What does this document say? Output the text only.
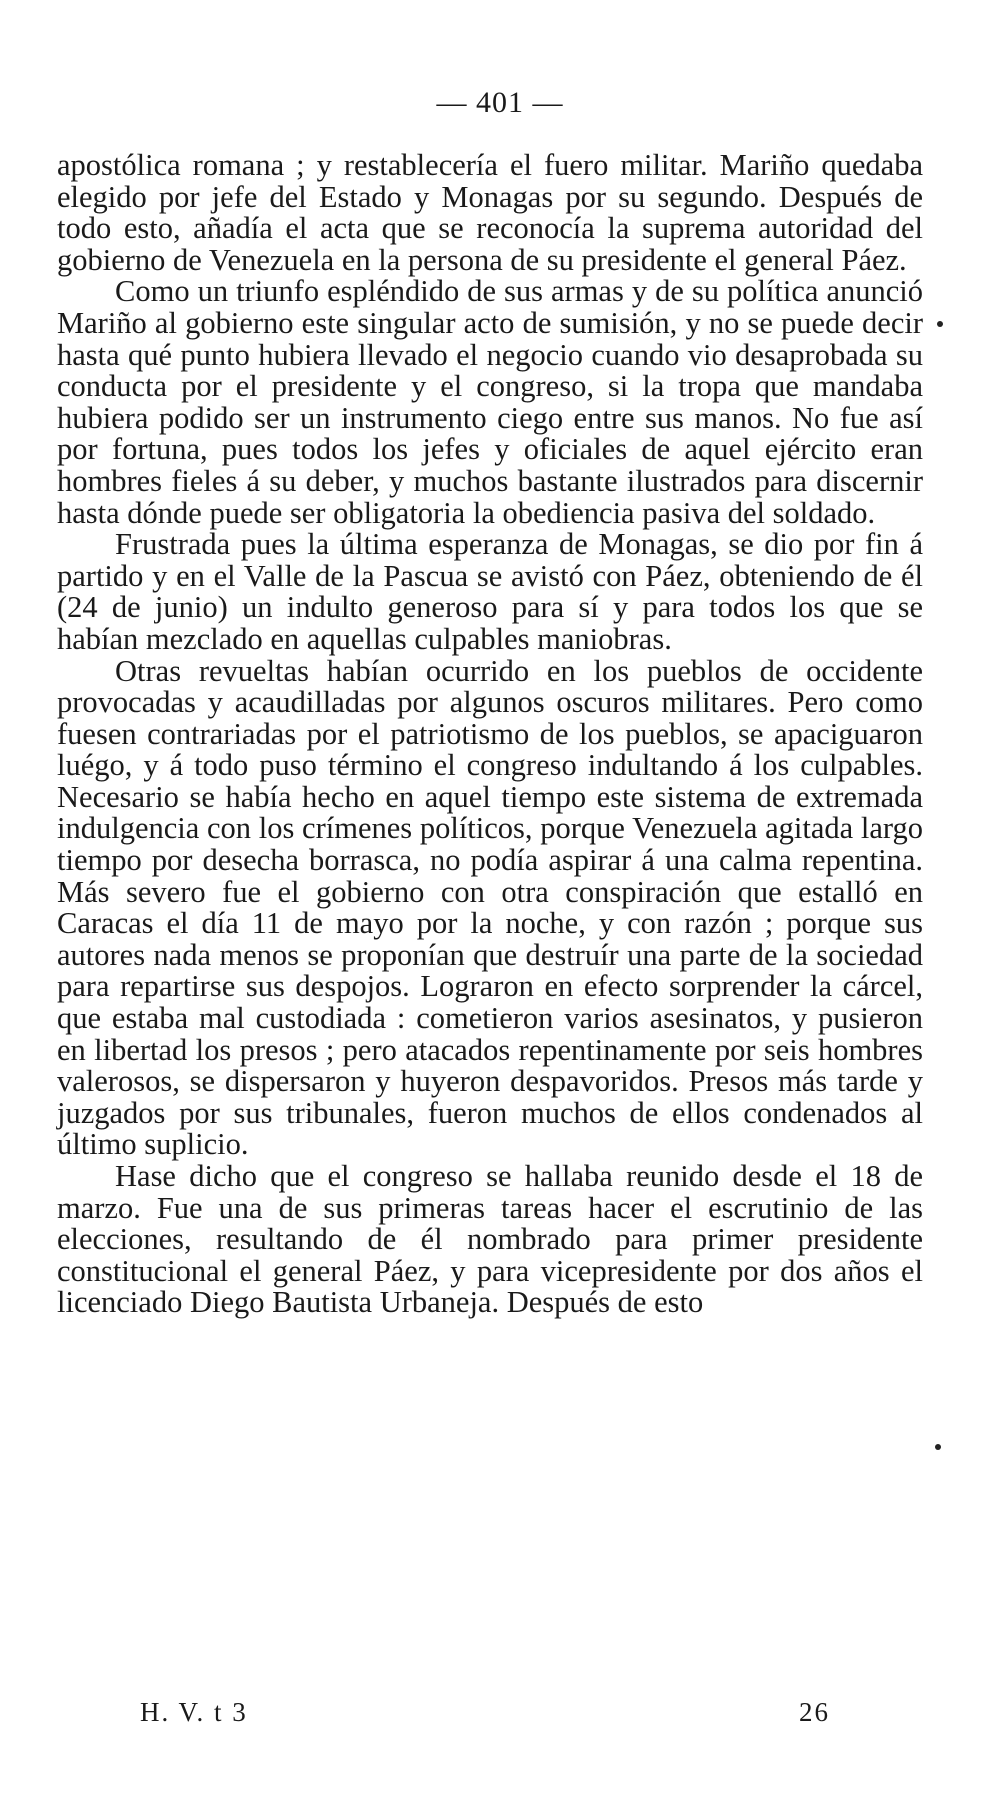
— 401 —

apostólica romana ; y restablecería el fuero militar. Mariño quedaba elegido por jefe del Estado y Monagas por su segundo. Después de todo esto, añadía el acta que se reconocía la suprema autoridad del gobierno de Venezuela en la persona de su presidente el general Páez.

Como un triunfo espléndido de sus armas y de su política anunció Mariño al gobierno este singular acto de sumisión, y no se puede decir hasta qué punto hubiera llevado el negocio cuando vio desaprobada su conducta por el presidente y el congreso, si la tropa que mandaba hubiera podido ser un instrumento ciego entre sus manos. No fue así por fortuna, pues todos los jefes y oficiales de aquel ejército eran hombres fieles á su deber, y muchos bastante ilustrados para discernir hasta dónde puede ser obligatoria la obediencia pasiva del soldado.

Frustrada pues la última esperanza de Monagas, se dio por fin á partido y en el Valle de la Pascua se avistó con Páez, obteniendo de él (24 de junio) un indulto generoso para sí y para todos los que se habían mezclado en aquellas culpables maniobras.

Otras revueltas habían ocurrido en los pueblos de occidente provocadas y acaudilladas por algunos oscuros militares. Pero como fuesen contrariadas por el patriotismo de los pueblos, se apaciguaron luégo, y á todo puso término el congreso indultando á los culpables. Necesario se había hecho en aquel tiempo este sistema de extremada indulgencia con los crímenes políticos, porque Venezuela agitada largo tiempo por desecha borrasca, no podía aspirar á una calma repentina. Más severo fue el gobierno con otra conspiración que estalló en Caracas el día 11 de mayo por la noche, y con razón ; porque sus autores nada menos se proponían que destruír una parte de la sociedad para repartirse sus despojos. Lograron en efecto sorprender la cárcel, que estaba mal custodiada : cometieron varios asesinatos, y pusieron en libertad los presos ; pero atacados repentinamente por seis hombres valerosos, se dispersaron y huyeron despavoridos. Presos más tarde y juzgados por sus tribunales, fueron muchos de ellos condenados al último suplicio.

Hase dicho que el congreso se hallaba reunido desde el 18 de marzo. Fue una de sus primeras tareas hacer el escrutinio de las elecciones, resultando de él nombrado para primer presidente constitucional el general Páez, y para vicepresidente por dos años el licenciado Diego Bautista Urbaneja. Después de esto

H. V. t 3	26
